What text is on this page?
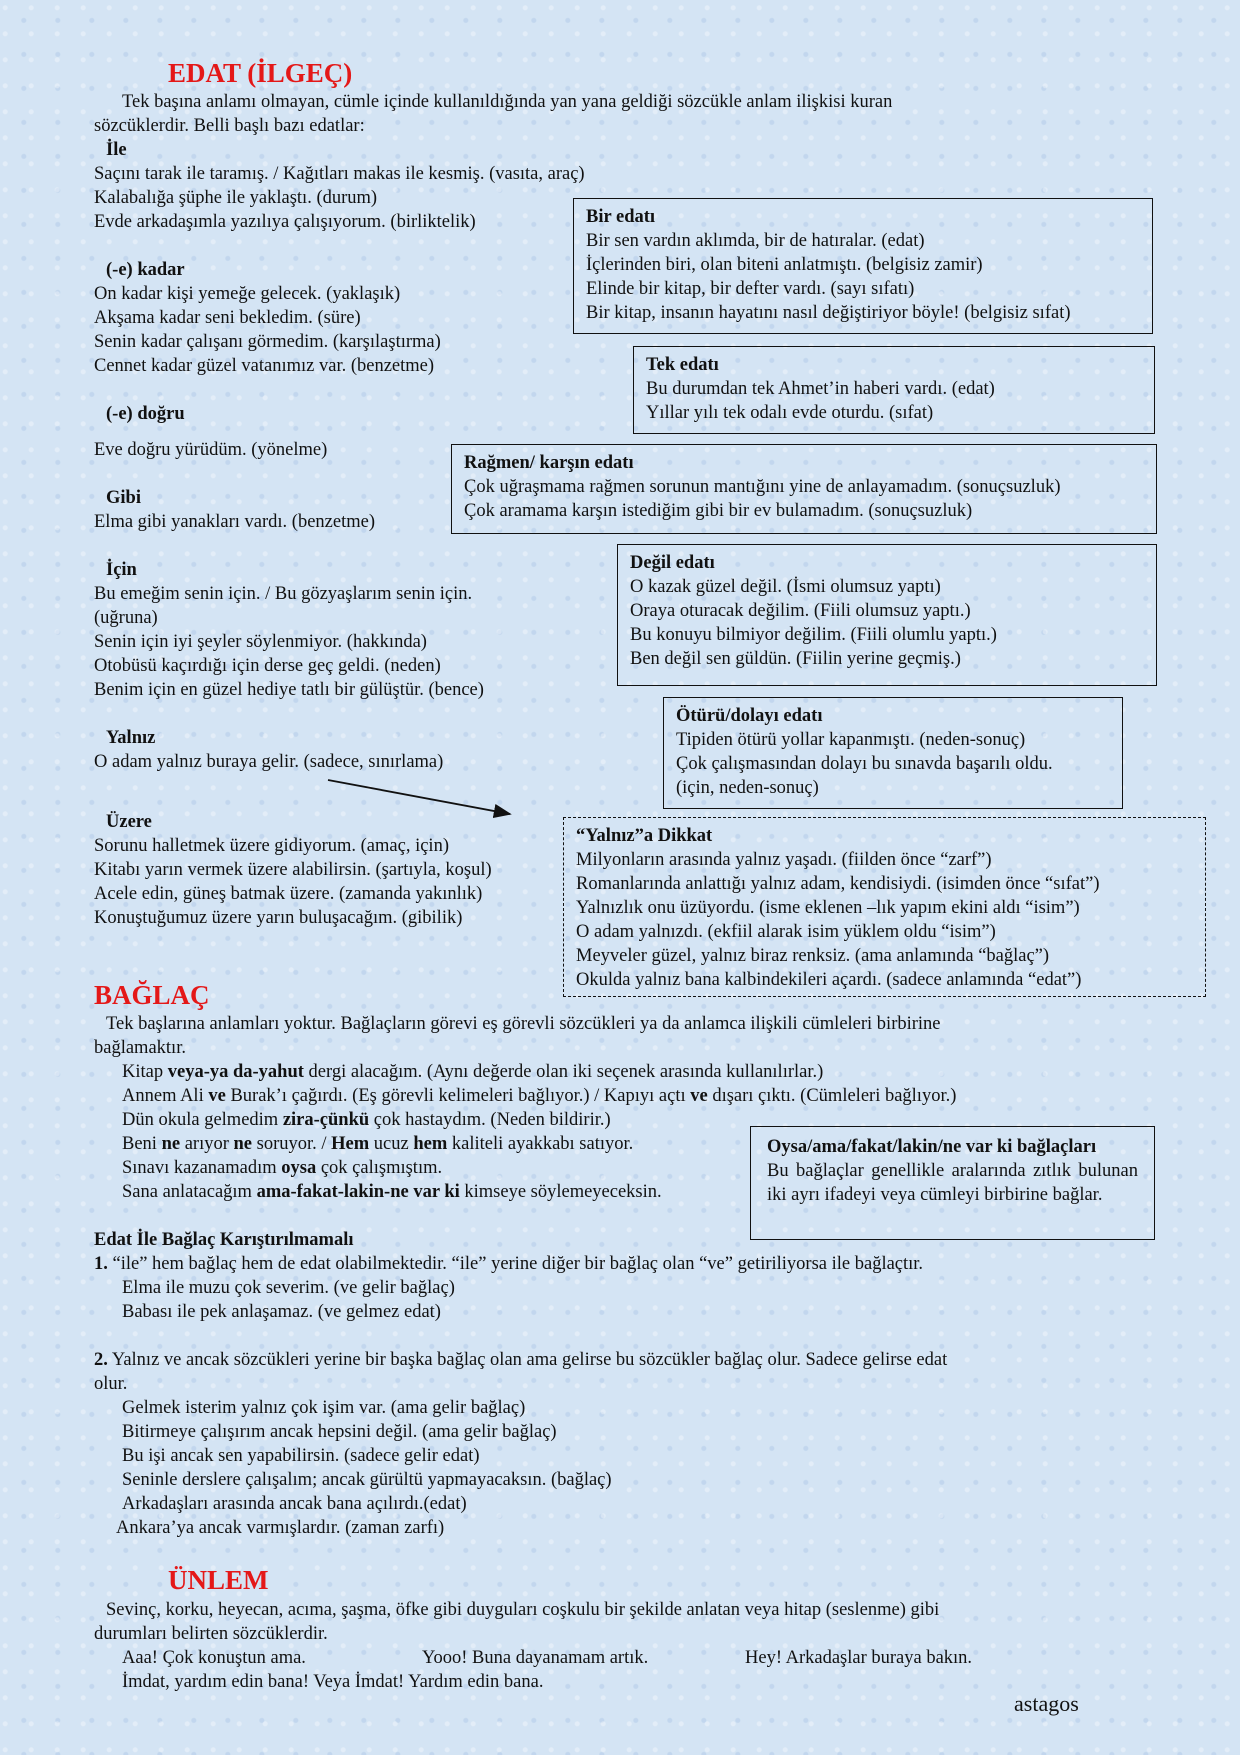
EDAT (İLGEÇ)
Tek başına anlamı olmayan, cümle içinde kullanıldığında yan yana geldiği sözcükle anlam ilişkisi kuran
sözcüklerdir. Belli başlı bazı edatlar:
İle
Saçını tarak ile taramış. / Kağıtları makas ile kesmiş. (vasıta, araç)
Kalabalığa şüphe ile yaklaştı. (durum)
Evde arkadaşımla yazılıya çalışıyorum. (birliktelik)
(-e) kadar
On kadar kişi yemeğe gelecek. (yaklaşık)
Akşama kadar seni bekledim. (süre)
Senin kadar çalışanı görmedim. (karşılaştırma)
Cennet kadar güzel vatanımız var. (benzetme)
(-e) doğru
Eve doğru yürüdüm. (yönelme)
Gibi
Elma gibi yanakları vardı. (benzetme)
İçin
Bu emeğim senin için. / Bu gözyaşlarım senin için.
(uğruna)
Senin için iyi şeyler söylenmiyor. (hakkında)
Otobüsü kaçırdığı için derse geç geldi. (neden)
Benim için en güzel hediye tatlı bir gülüştür. (bence)
Yalnız
O adam yalnız buraya gelir. (sadece, sınırlama)
Üzere
Sorunu halletmek üzere gidiyorum. (amaç, için)
Kitabı yarın vermek üzere alabilirsin. (şartıyla, koşul)
Acele edin, güneş batmak üzere. (zamanda yakınlık)
Konuştuğumuz üzere yarın buluşacağım. (gibilik)
Bir edatı
Bir sen vardın aklımda, bir de hatıralar. (edat)
İçlerinden biri, olan biteni anlatmıştı. (belgisiz zamir)
Elinde bir kitap, bir defter vardı. (sayı sıfatı)
Bir kitap, insanın hayatını nasıl değiştiriyor böyle! (belgisiz sıfat)
Tek edatı
Bu durumdan tek Ahmet’in haberi vardı. (edat)
Yıllar yılı tek odalı evde oturdu. (sıfat)
Rağmen/ karşın edatı
Çok uğraşmama rağmen sorunun mantığını yine de anlayamadım. (sonuçsuzluk)
Çok aramama karşın istediğim gibi bir ev bulamadım. (sonuçsuzluk)
Değil edatı
O kazak güzel değil. (İsmi olumsuz yaptı)
Oraya oturacak değilim. (Fiili olumsuz yaptı.)
Bu konuyu bilmiyor değilim. (Fiili olumlu yaptı.)
Ben değil sen güldün. (Fiilin yerine geçmiş.)
Ötürü/dolayı edatı
Tipiden ötürü yollar kapanmıştı. (neden-sonuç)
Çok çalışmasından dolayı bu sınavda başarılı oldu.
(için, neden-sonuç)
“Yalnız”a Dikkat
Milyonların arasında yalnız yaşadı. (fiilden önce “zarf”)
Romanlarında anlattığı yalnız adam, kendisiydi. (isimden önce “sıfat”)
Yalnızlık onu üzüyordu. (isme eklenen –lık yapım ekini aldı “isim”)
O adam yalnızdı. (ekfiil alarak isim yüklem oldu “isim”)
Meyveler güzel, yalnız biraz renksiz. (ama anlamında “bağlaç”)
Okulda yalnız bana kalbindekileri açardı. (sadece anlamında “edat”)
BAĞLAÇ
Tek başlarına anlamları yoktur. Bağlaçların görevi eş görevli sözcükleri ya da anlamca ilişkili cümleleri birbirine
bağlamaktır.
Kitap veya-ya da-yahut dergi alacağım. (Aynı değerde olan iki seçenek arasında kullanılırlar.)
Annem Ali ve Burak’ı çağırdı. (Eş görevli kelimeleri bağlıyor.) / Kapıyı açtı ve dışarı çıktı. (Cümleleri bağlıyor.)
Dün okula gelmedim zira-çünkü çok hastaydım. (Neden bildirir.)
Beni ne arıyor ne soruyor. / Hem ucuz hem kaliteli ayakkabı satıyor.
Sınavı kazanamadım oysa çok çalışmıştım.
Sana anlatacağım ama-fakat-lakin-ne var ki kimseye söylemeyeceksin.
Oysa/ama/fakat/lakin/ne var ki bağlaçları
Bu bağlaçlar genellikle aralarında zıtlık bulunan iki ayrı ifadeyi veya cümleyi birbirine bağlar.
Edat İle Bağlaç Karıştırılmamalı
1. “ile” hem bağlaç hem de edat olabilmektedir. “ile” yerine diğer bir bağlaç olan “ve” getiriliyorsa ile bağlaçtır.
Elma ile muzu çok severim. (ve gelir bağlaç)
Babası ile pek anlaşamaz. (ve gelmez edat)
2. Yalnız ve ancak sözcükleri yerine bir başka bağlaç olan ama gelirse bu sözcükler bağlaç olur. Sadece gelirse edat
olur.
Gelmek isterim yalnız çok işim var. (ama gelir bağlaç)
Bitirmeye çalışırım ancak hepsini değil. (ama gelir bağlaç)
Bu işi ancak sen yapabilirsin. (sadece gelir edat)
Seninle derslere çalışalım; ancak gürültü yapmayacaksın. (bağlaç)
Arkadaşları arasında ancak bana açılırdı.(edat)
Ankara’ya ancak varmışlardır. (zaman zarfı)
ÜNLEM
Sevinç, korku, heyecan, acıma, şaşma, öfke gibi duyguları coşkulu bir şekilde anlatan veya hitap (seslenme) gibi
durumları belirten sözcüklerdir.
Aaa! Çok konuştun ama.	Yooo! Buna dayanamam artık.	Hey! Arkadaşlar buraya bakın.
İmdat, yardım edin bana! Veya İmdat! Yardım edin bana.
astagos
